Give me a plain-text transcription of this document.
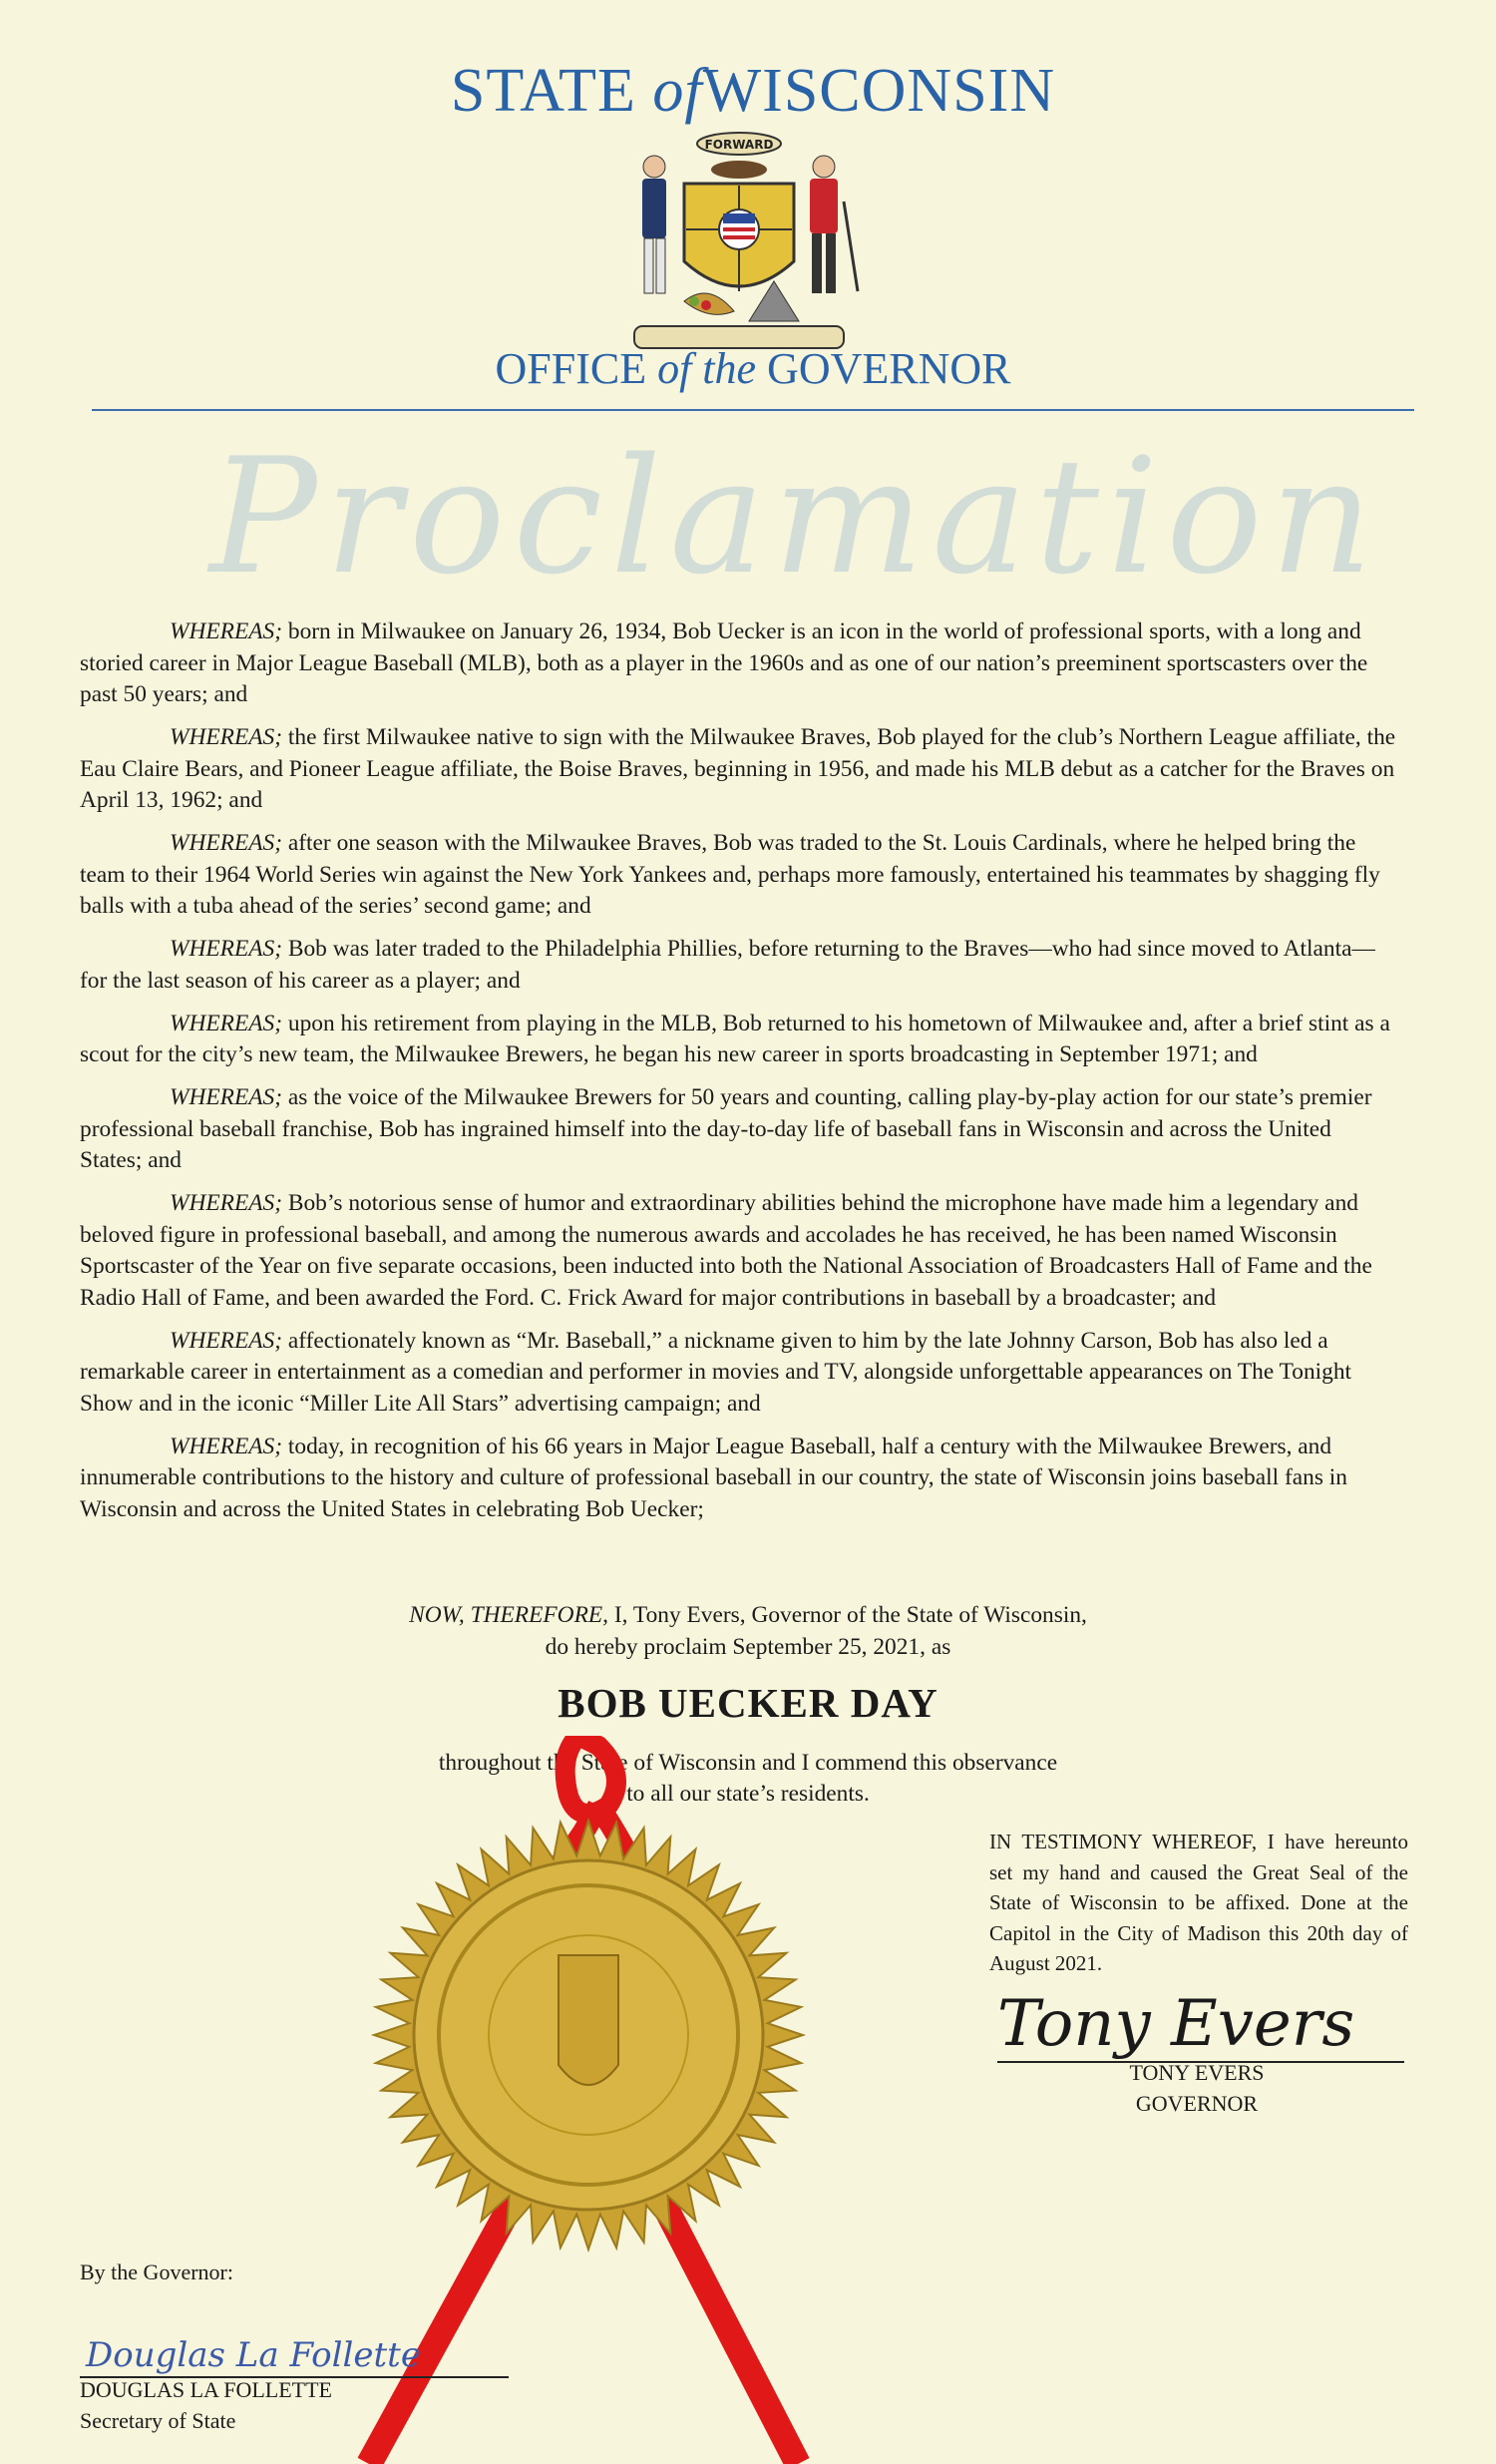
STATE ofWISCONSIN
FORWARD
OFFICE of the GOVERNOR
Proclamation

WHEREAS; born in Milwaukee on January 26, 1934, Bob Uecker is an icon in the world of professional sports, with a long and storied career in Major League Baseball (MLB), both as a player in the 1960s and as one of our nation’s preeminent sportscasters over the past 50 years; and

WHEREAS; the first Milwaukee native to sign with the Milwaukee Braves, Bob played for the club’s Northern League affiliate, the Eau Claire Bears, and Pioneer League affiliate, the Boise Braves, beginning in 1956, and made his MLB debut as a catcher for the Braves on April 13, 1962; and

WHEREAS; after one season with the Milwaukee Braves, Bob was traded to the St. Louis Cardinals, where he helped bring the team to their 1964 World Series win against the New York Yankees and, perhaps more famously, entertained his teammates by shagging fly balls with a tuba ahead of the series’ second game; and

WHEREAS; Bob was later traded to the Philadelphia Phillies, before returning to the Braves—who had since moved to Atlanta—for the last season of his career as a player; and

WHEREAS; upon his retirement from playing in the MLB, Bob returned to his hometown of Milwaukee and, after a brief stint as a scout for the city’s new team, the Milwaukee Brewers, he began his new career in sports broadcasting in September 1971; and

WHEREAS; as the voice of the Milwaukee Brewers for 50 years and counting, calling play-by-play action for our state’s premier professional baseball franchise, Bob has ingrained himself into the day-to-day life of baseball fans in Wisconsin and across the United States; and

WHEREAS; Bob’s notorious sense of humor and extraordinary abilities behind the microphone have made him a legendary and beloved figure in professional baseball, and among the numerous awards and accolades he has received, he has been named Wisconsin Sportscaster of the Year on five separate occasions, been inducted into both the National Association of Broadcasters Hall of Fame and the Radio Hall of Fame, and been awarded the Ford. C. Frick Award for major contributions in baseball by a broadcaster; and

WHEREAS; affectionately known as “Mr. Baseball,” a nickname given to him by the late Johnny Carson, Bob has also led a remarkable career in entertainment as a comedian and performer in movies and TV, alongside unforgettable appearances on The Tonight Show and in the iconic “Miller Lite All Stars” advertising campaign; and

WHEREAS; today, in recognition of his 66 years in Major League Baseball, half a century with the Milwaukee Brewers, and innumerable contributions to the history and culture of professional baseball in our country, the state of Wisconsin joins baseball fans in Wisconsin and across the United States in celebrating Bob Uecker;

NOW, THEREFORE, I, Tony Evers, Governor of the State of Wisconsin,
do hereby proclaim September 25, 2021, as
BOB UECKER DAY
throughout the State of Wisconsin and I commend this observance
to all our state’s residents.
IN TESTIMONY WHEREOF, I have hereunto set my hand and caused the Great Seal of the State of Wisconsin to be affixed. Done at the Capitol in the City of Madison this 20th day of August 2021.
Tony Evers
TONY EVERS
GOVERNOR
By the Governor:
Douglas La Follette
DOUGLAS LA FOLLETTE
Secretary of State
